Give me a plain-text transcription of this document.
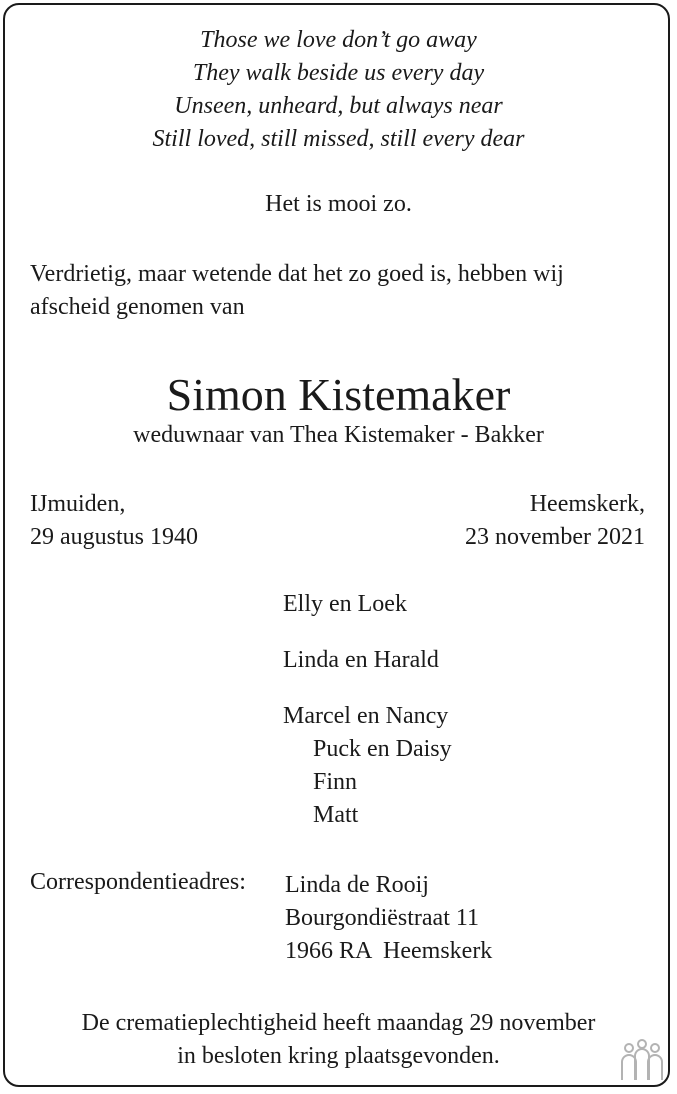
Those we love don’t go away
They walk beside us every day
Unseen, unheard, but always near
Still loved, still missed, still every dear
Het is mooi zo.
Verdrietig, maar wetende dat het zo goed is, hebben wij
afscheid genomen van
Simon Kistemaker
weduwnaar van Thea Kistemaker - Bakker
IJmuiden,
29 augustus 1940
Heemskerk,
23 november 2021
Elly en Loek
Linda en Harald
Marcel en Nancy
Puck en Daisy
Finn
Matt
Correspondentieadres: Linda de Rooij
Bourgondiëstraat 11
1966 RA  Heemskerk
De crematieplechtigheid heeft maandag 29 november
in besloten kring plaatsgevonden.
